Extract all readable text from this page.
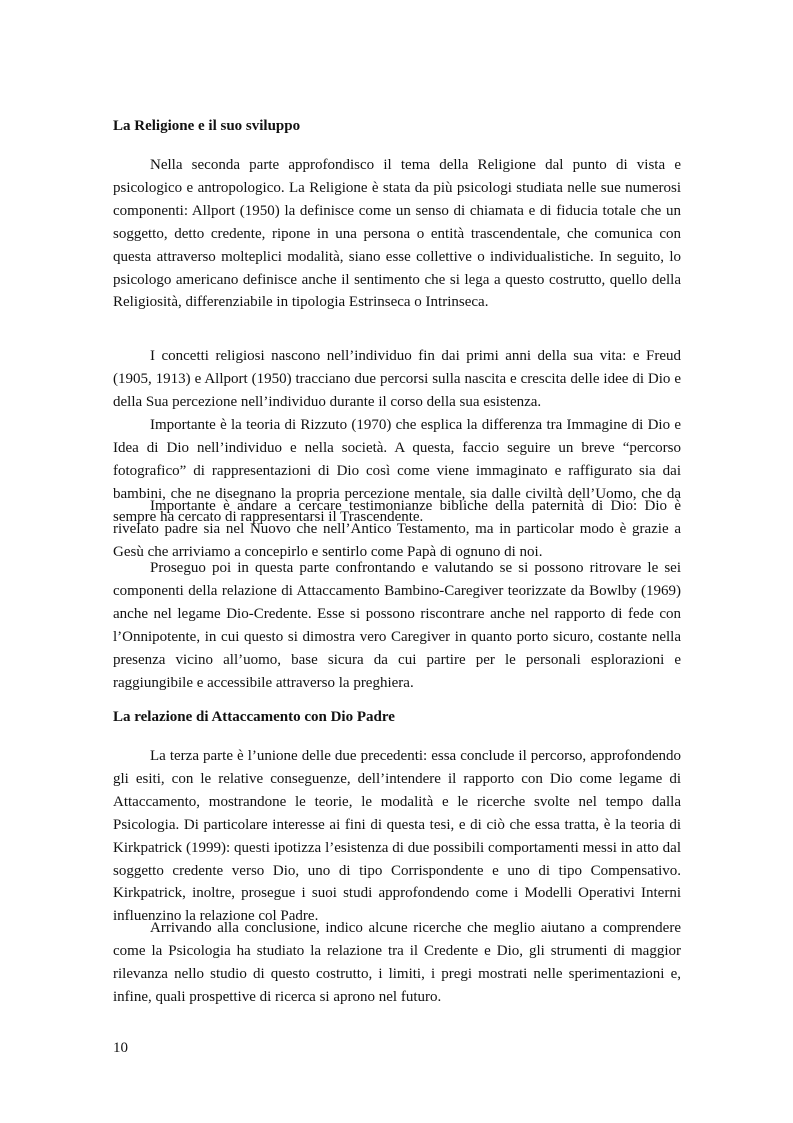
La Religione e il suo sviluppo

Nella seconda parte approfondisco il tema della Religione dal punto di vista e psicologico e antropologico. La Religione è stata da più psicologi studiata nelle sue numerosi componenti: Allport (1950) la definisce come un senso di chiamata e di fiducia totale che un soggetto, detto credente, ripone in una persona o entità trascendentale, che comunica con questa attraverso molteplici modalità, siano esse collettive o individualistiche. In seguito, lo psicologo americano definisce anche il sentimento che si lega a questo costrutto, quello della Religiosità, differenziabile in tipologia Estrinseca o Intrinseca.

I concetti religiosi nascono nell’individuo fin dai primi anni della sua vita: e Freud (1905, 1913) e Allport (1950) tracciano due percorsi sulla nascita e crescita delle idee di Dio e della Sua percezione nell’individuo durante il corso della sua esistenza.

Importante è la teoria di Rizzuto (1970) che esplica la differenza tra Immagine di Dio e Idea di Dio nell’individuo e nella società. A questa, faccio seguire un breve “percorso fotografico” di rappresentazioni di Dio così come viene immaginato e raffigurato sia dai bambini, che ne disegnano la propria percezione mentale, sia dalle civiltà dell’Uomo, che da sempre ha cercato di rappresentarsi il Trascendente.

Importante è andare a cercare testimonianze bibliche della paternità di Dio: Dio è rivelato padre sia nel Nuovo che nell’Antico Testamento, ma in particolar modo è grazie a Gesù che arriviamo a concepirlo e sentirlo come Papà di ognuno di noi.

Proseguo poi in questa parte confrontando e valutando se si possono ritrovare le sei componenti della relazione di Attaccamento Bambino-Caregiver teorizzate da Bowlby (1969) anche nel legame Dio-Credente. Esse si possono riscontrare anche nel rapporto di fede con l’Onnipotente, in cui questo si dimostra vero Caregiver in quanto porto sicuro, costante nella presenza vicino all’uomo, base sicura da cui partire per le personali esplorazioni e raggiungibile e accessibile attraverso la preghiera.

La relazione di Attaccamento con Dio Padre

La terza parte è l’unione delle due precedenti: essa conclude il percorso, approfondendo gli esiti, con le relative conseguenze, dell’intendere il rapporto con Dio come legame di Attaccamento, mostrandone le teorie, le modalità e le ricerche svolte nel tempo dalla Psicologia. Di particolare interesse ai fini di questa tesi, e di ciò che essa tratta, è la teoria di Kirkpatrick (1999): questi ipotizza l’esistenza di due possibili comportamenti messi in atto dal soggetto credente verso Dio, uno di tipo Corrispondente e uno di tipo Compensativo. Kirkpatrick, inoltre, prosegue i suoi studi approfondendo come i Modelli Operativi Interni influenzino la relazione col Padre.

Arrivando alla conclusione, indico alcune ricerche che meglio aiutano a comprendere come la Psicologia ha studiato la relazione tra il Credente e Dio, gli strumenti di maggior rilevanza nello studio di questo costrutto, i limiti, i pregi mostrati nelle sperimentazioni e, infine, quali prospettive di ricerca si aprono nel futuro.

10
